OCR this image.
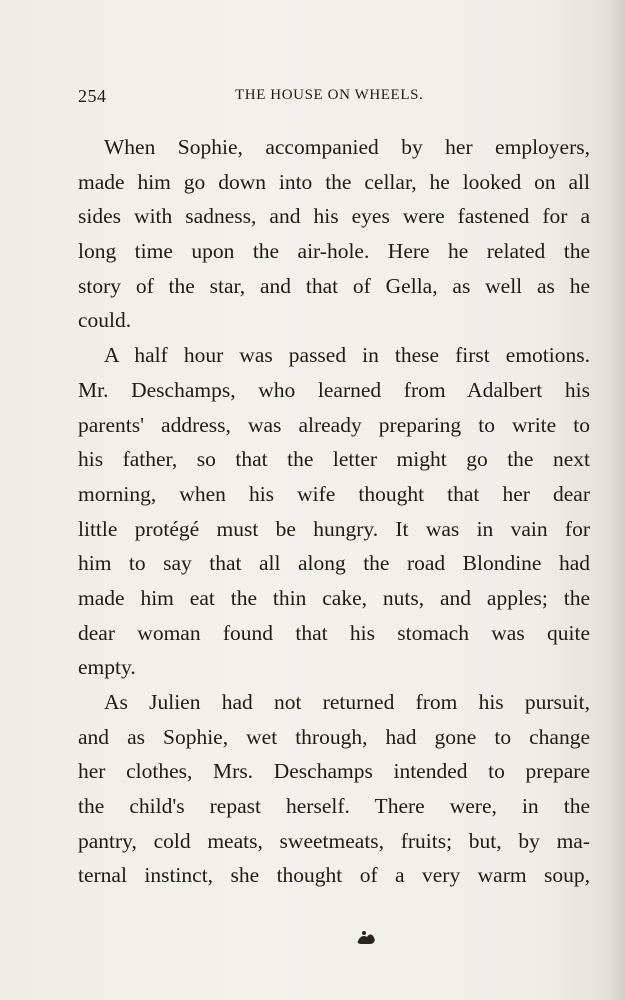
254	THE HOUSE ON WHEELS.
When Sophie, accompanied by her employers,
made him go down into the cellar, he looked on all
sides with sadness, and his eyes were fastened for a
long time upon the air-hole. Here he related the
story of the star, and that of Gella, as well as he
could.
A half hour was passed in these first emotions.
Mr. Deschamps, who learned from Adalbert his
parents' address, was already preparing to write to
his father, so that the letter might go the next
morning, when his wife thought that her dear
little protégé must be hungry. It was in vain for
him to say that all along the road Blondine had
made him eat the thin cake, nuts, and apples; the
dear woman found that his stomach was quite
empty.
As Julien had not returned from his pursuit,
and as Sophie, wet through, had gone to change
her clothes, Mrs. Deschamps intended to prepare
the child's repast herself. There were, in the
pantry, cold meats, sweetmeats, fruits; but, by ma-
ternal instinct, she thought of a very warm soup,
